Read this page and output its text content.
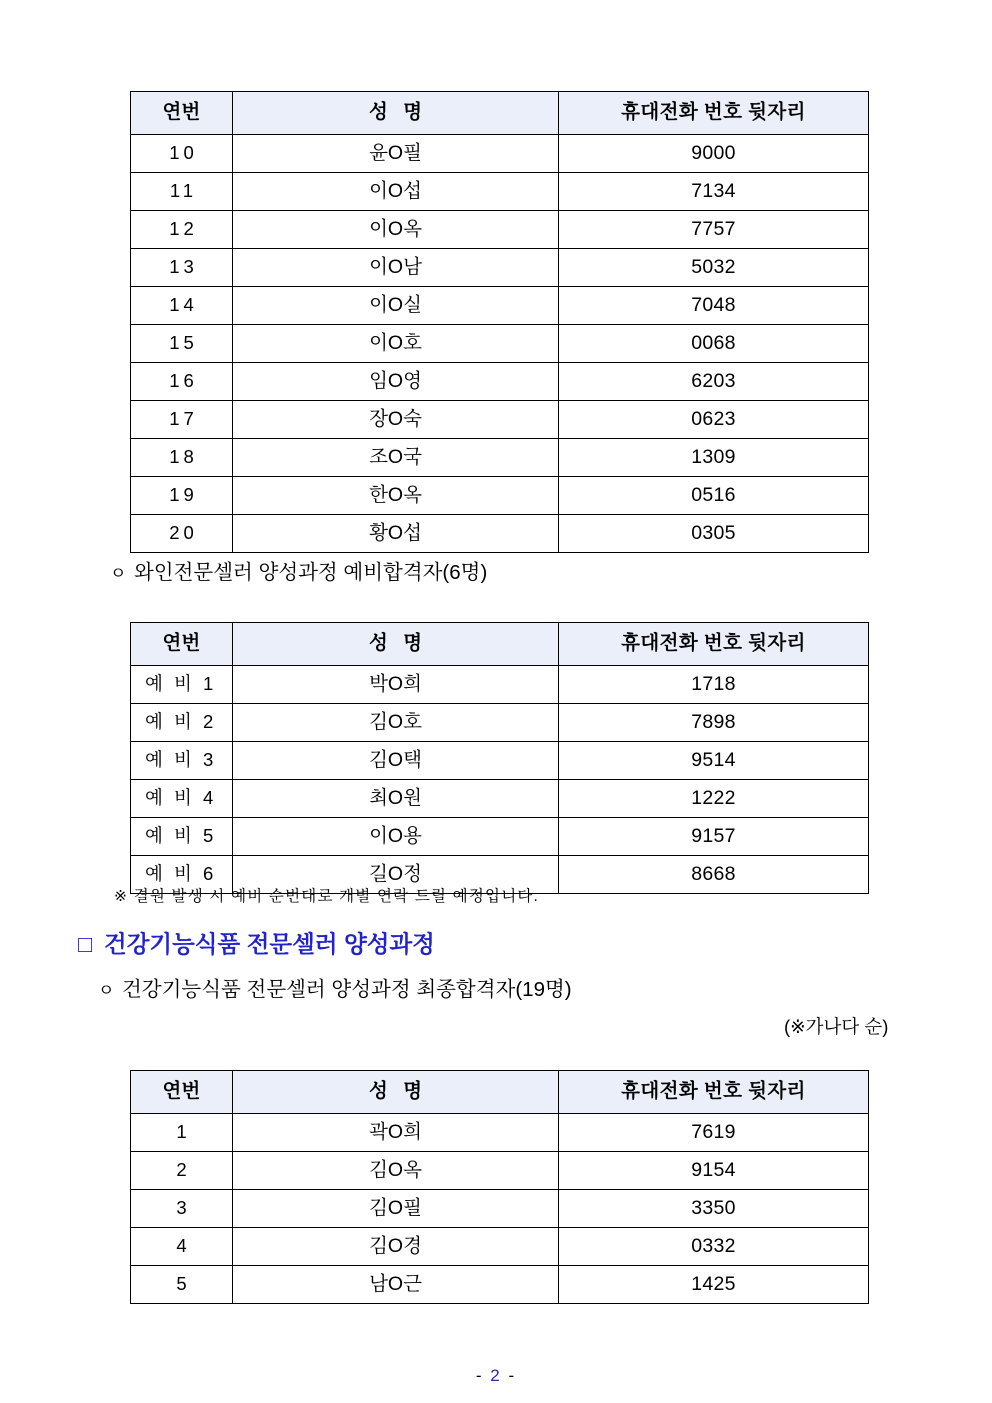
연번	성 명	휴대전화 번호 뒷자리
10	윤O필	9000
11	이O섭	7134
12	이O옥	7757
13	이O남	5032
14	이O실	7048
15	이O호	0068
16	임O영	6203
17	장O숙	0623
18	조O국	1309
19	한O옥	0516
20	황O섭	0305
ㅇ 와인전문셀러 양성과정 예비합격자(6명)
연번	성 명	휴대전화 번호 뒷자리
예 비 1	박O희	1718
예 비 2	김O호	7898
예 비 3	김O택	9514
예 비 4	최O원	1222
예 비 5	이O용	9157
예 비 6	길O정	8668
※ 결원 발생 시 예비 순번대로 개별 연락 드릴 예정입니다.
□ 건강기능식품 전문셀러 양성과정
ㅇ 건강기능식품 전문셀러 양성과정 최종합격자(19명)
(※가나다 순)
연번	성 명	휴대전화 번호 뒷자리
1	곽O희	7619
2	김O옥	9154
3	김O필	3350
4	김O경	0332
5	남O근	1425
- 2 -
